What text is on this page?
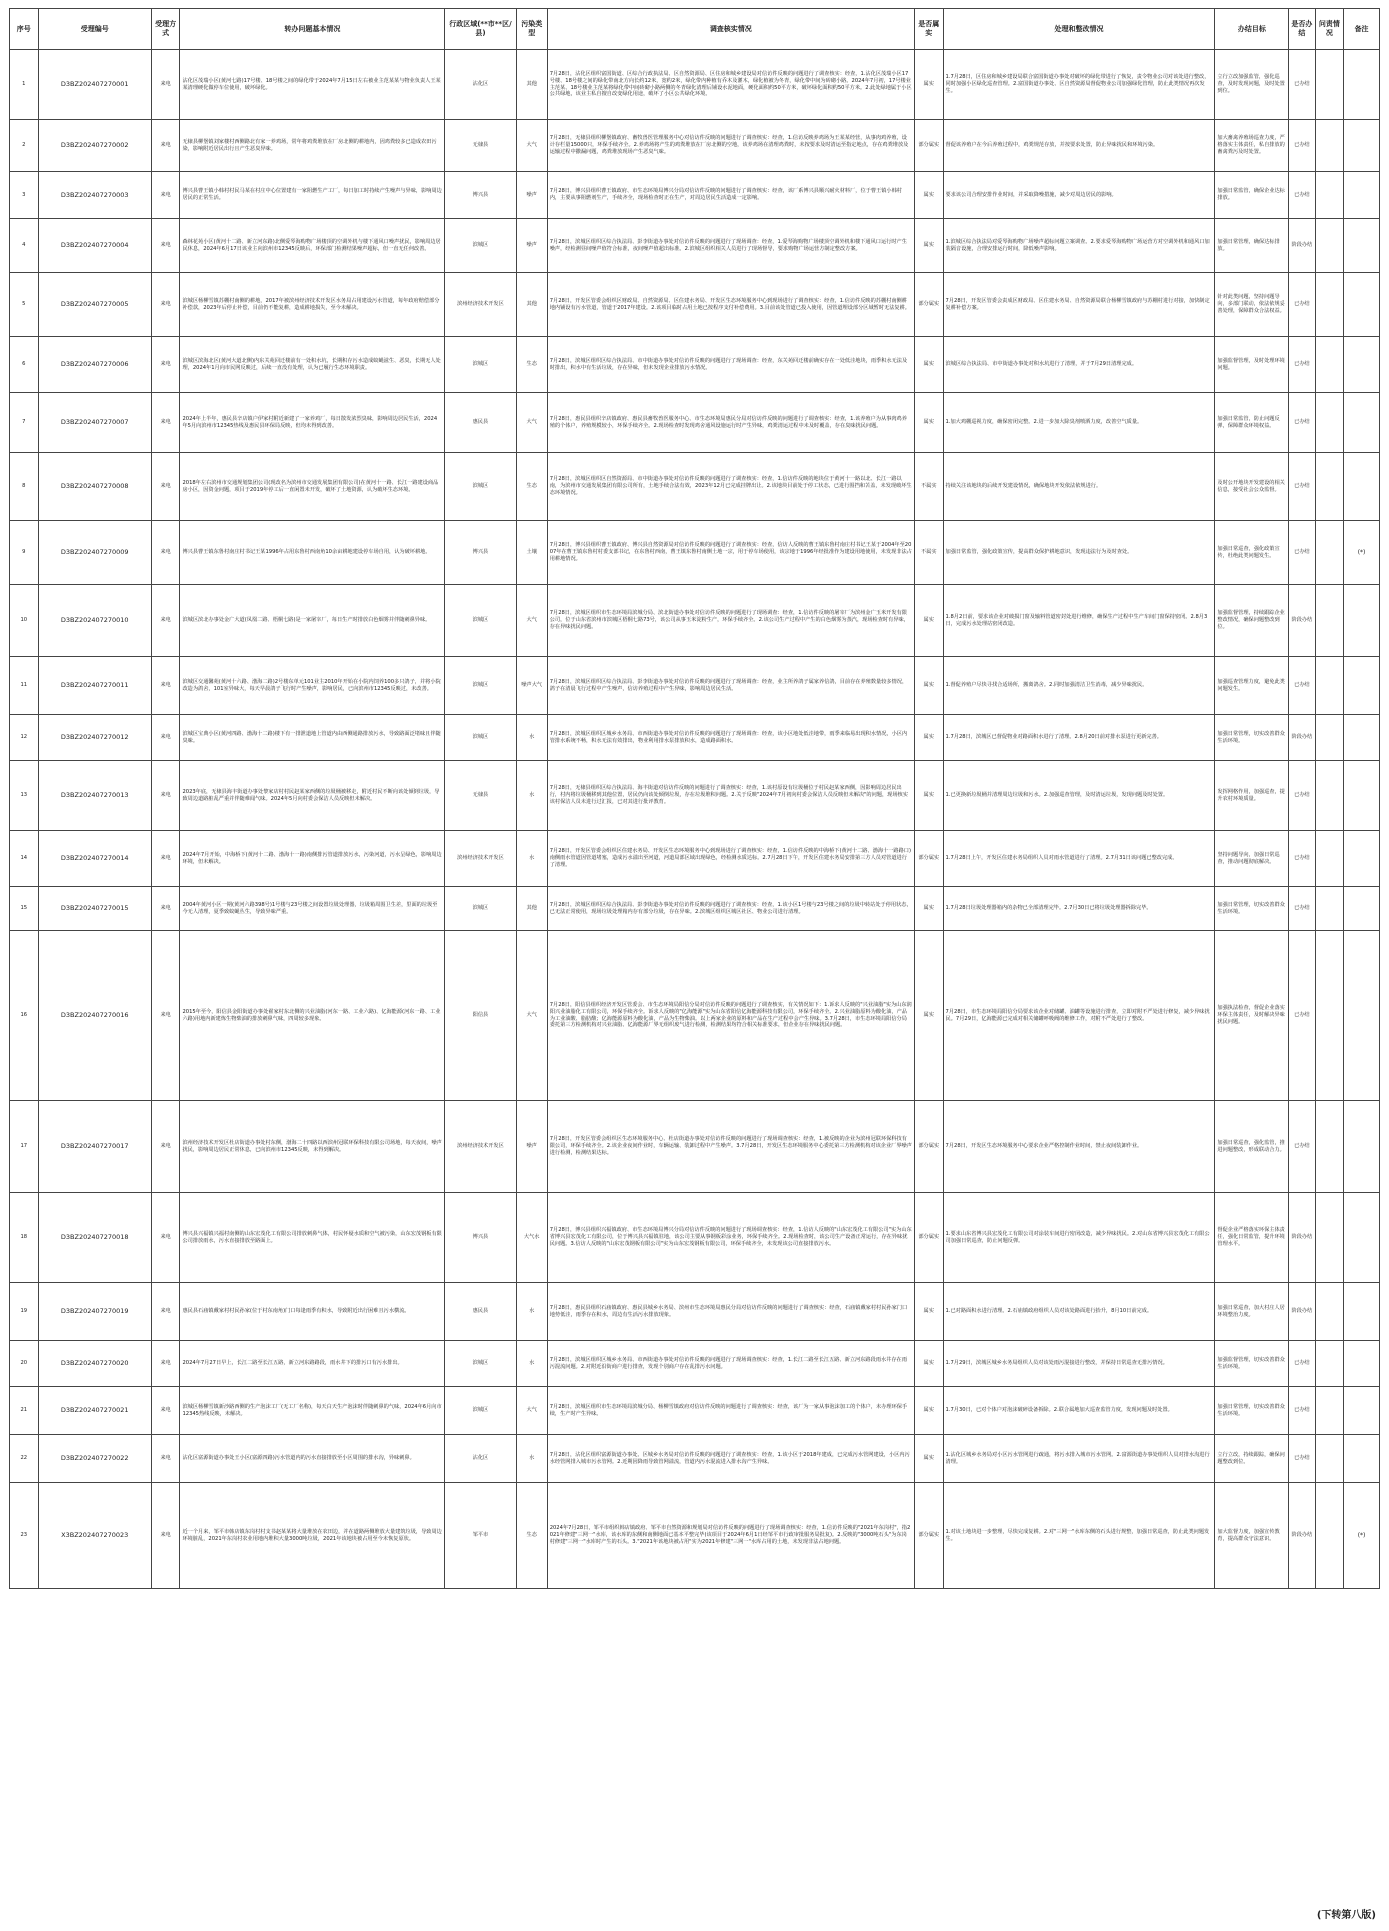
序号	受理编号	受理方式	转办问题基本情况	行政区域(**市**区/县)	污染类型	调查核实情况	是否属实	处理和整改情况	办结目标	是否办结	问责情况	备注
1	D3BZ202407270001	来电	沾化区茂瑞小区(黄河七路)17号楼、18号楼之间的绿化带于2024年7月15日左右被业主范某某与物业负责人王某某清理硬化做停车位使用，破坏绿化。	沾化区	其他	7月28日，沾化区组织富国街道、区综合行政执法局、区自然资源局、区住房和城乡建设局对信访件反映的问题进行了调查核实：经查，1.沾化区茂瑞小区17号楼、18号楼之间的绿化带南北方向长约12米，宽约2米，绿化带内种植有乔木及灌木，绿化植被为冬青，绿化带中间为砖砌小路。2024年7月初，17号楼业主范某、18号楼业主范某将绿化带中间砖砌小路两侧的冬青绿化清理后铺设水泥地面，硬化面积约50平方米，破坏绿化面积约50平方米。2.此处绿地属于小区公共绿地，该业主私自擅自改变绿化用途，破坏了小区公共绿化环境。	属实	1.7月28日，区住房和城乡建设局联合富国街道办事处对破坏的绿化带进行了恢复，责令物业公司对该处进行整改，同时加强小区绿化巡查管理。2.富国街道办事处、区自然资源局督促物业公司加强绿化管理，防止此类情况再次发生。	立行立改加强监管，强化巡查，及时发现问题，及时处置到位。	已办结		
2	D3BZ202407270002	来电	无棣县柳堡镇刘家楼村西侧路北有家一养鸡场，常年将鸡粪堆放在厂房北侧的耕地内，因鸡粪较多已造成农田污染，影响附近居民出行且产生恶臭异味。	无棣县	大气	7月28日，无棣县组织柳堡镇政府、畜牧兽医管理服务中心对信访件反映的问题进行了调查核实：经查，1.信访反映养鸡场为王某某经营，从事肉鸡养殖，设计存栏量15000只，环保手续齐全。2.养鸡场将产生的鸡粪堆放在厂房北侧的空地，该养鸡场在清理鸡粪时，未按要求及时清运至指定地点，存在鸡粪堆放及运输过程中撒漏问题，鸡粪堆放现场产生恶臭气味。	部分属实	督促该养殖户在今后养殖过程中，鸡粪规范存放，并按要求处置，防止异味扰民和环境污染。	加大畜禽养殖场巡查力度，严格落实主体责任，私自排放的畜禽粪污及时处置。	已办结		
3	D3BZ202407270003	来电	博兴县曹王镇小韩村村民马某在村庄中心位置建有一家阻燃生产工厂，每日加工时持续产生噪声与异味，影响周边居民的正常生活。	博兴县	噪声	7月28日，博兴县组织曹王镇政府、市生态环境局博兴分局对信访件反映的问题进行了调查核实：经查，该厂系博兴县顺兴耐火材料厂，位于曹王镇小韩村内，主要从事阻燃剂生产，手续齐全，现场检查时正在生产，对周边居民生活造成一定影响。	属实	要求该公司合理安排作业时间，并采取降噪措施，减少对周边居民的影响。	加强日常监管，确保企业达标排放。	已办结		
4	D3BZ202407270004	来电	森林花苑小区(黄河十二路、新立河东路)北侧爱琴海购物广场楼顶的空调外机与楼下通风口噪声扰民，影响周边居民休息，2024年6月17日该业主向滨州市12345反映后，环保部门检测结果噪声超标，但一直无任何改善。	滨城区	噪声	7月28日，滨城区组织区综合执法局、彭李街道办事处对信访件反映的问题进行了现场调查：经查，1.爱琴海购物广场楼顶空调外机和楼下通风口运行时产生噪声，经检测昼间噪声值符合标准，夜间噪声值超出标准。2.滨城区组织相关人员进行了现场督导，要求购物广场运营方制定整改方案。	属实	1.滨城区综合执法局对爱琴海购物广场噪声超标问题立案调查。2.要求爱琴海购物广场运营方对空调外机和通风口加装隔音设施，合理安排运行时间，降低噪声影响。	加强日常管理，确保达标排放。	阶段办结		
5	D3BZ202407270005	来电	滨城区杨柳雪镇苏棚村南侧的耕地，2017年被滨州经济技术开发区水务局占用建设污水管道，每年政府赔偿部分补偿款，2023年后停止补偿，目前仍不能复耕，造成耕地损失，至今未解决。	滨州经济技术开发区	其他	7月28日，开发区管委会组织区财政局、自然资源局、区住建水务局、开发区生态环境服务中心到现场进行了调查核实：经查，1.信访件反映的苏棚村南侧耕地内铺设有污水管道，管道于2017年建设。2.该项目临时占用土地已按程序支付补偿费用。3.目前该处管道已投入使用，因管道埋设部分区域暂时无法复耕。	部分属实	7月28日，开发区管委会责成区财政局、区住建水务局、自然资源局联合杨柳雪镇政府与苏棚村进行对接，加快制定复耕补偿方案。	针对此类问题，坚持问题导向，多部门联动，依法依规妥善处理，保障群众合法权益。	已办结		
6	D3BZ202407270006	来电	滨城区滨海北区(黄河大道北侧)内东关苑回迁楼前有一处积水坑，长期积存污水造成蚊蝇滋生、恶臭，长期无人处理，2024年1月向市民网反映过，后续一直没有处理，认为已履行生态环境职责。	滨城区	生态	7月28日，滨城区组织区综合执法局、市中街道办事处对信访件反映的问题进行了现场调查：经查，东关苑回迁楼前确实存在一处低洼地块，雨季积水无法及时排出，积水中有生活垃圾，存在异味，但未发现企业排放污水情况。	属实	滨城区综合执法局、市中街道办事处对积水坑进行了清理，并于7月29日清理完成。	加强监督管理，及时处理环境问题。	已办结		
7	D3BZ202407270007	来电	2024年上半年，惠民县辛店镇户伊家村附近新建了一家养鸡厂，每日散发浓烈臭味，影响周边居民生活，2024年5月向滨州市12345热线及惠民县环保局反映，但均未得到改善。	惠民县	大气	7月28日，惠民县组织辛店镇政府、惠民县畜牧兽医服务中心、市生态环境局惠民分局对信访件反映的问题进行了调查核实：经查，1.该养殖户为从事肉鸡养殖的个体户，养殖规模较小，环保手续齐全。2.现场检查时发现鸡舍通风设施运行时产生异味，鸡粪清运过程中未及时覆盖，存在臭味扰民问题。	属实	1.加大鸡棚巡视力度，确保密闭完整。2.进一步加大除臭剂喷洒力度，改善空气质量。	加强日常监管，防止问题反弹，保障群众环境权益。	已办结		
8	D3BZ202407270008	来电	2018年左右滨州市交通规划集团公司(现改名为滨州市交通发展集团有限公司)在黄河十一路、长江一路建设商品房小区，因资金问题，项目于2019年停工后一直闲置未开发，破坏了土地资源，认为破坏生态环境。	滨城区	生态	7月28日，滨城区组织区自然资源局、市中街道办事处对信访件反映的问题进行了调查核实：经查，1.信访件反映的地块位于黄河十一路以北、长江一路以南，为滨州市交通发展集团有限公司所有，土地手续合法有效，2023年12月已完成挂牌出让。2.该地块目前处于停工状态，已进行围挡和苫盖，未发现破坏生态环境情况。	不属实	持续关注该地块的后续开发建设情况，确保地块开发依法依规进行。	及时公开地块开发建设的相关信息，接受社会公众监督。	已办结		
9	D3BZ202407270009	来电	博兴县曹王镇东鲁村南庄村书记王某1996年占用东鲁村西南角10余亩耕地建设停车场自用，认为破坏耕地。	博兴县	土壤	7月28日，博兴县组织曹王镇政府、博兴县自然资源局对信访件反映的问题进行了调查核实：经查，信访人反映的曹王镇东鲁村南庄村书记王某于2004年至2007年在曹王镇东鲁村村委支部书记，在东鲁村西南，曹王镇东鲁村南侧土地一宗，用于停车场使用，该宗地于1996年经批准作为建设用地使用，未发现非法占用耕地情况。	不属实	加强日常监管，强化政策宣传，提高群众保护耕地意识，发现违法行为及时查处。	加强日常巡查，强化政策宣传，杜绝此类问题发生。	已办结		(*)
10	D3BZ202407270010	来电	滨城区滨北办事处金广大道(凤凰二路、梧桐七路)是一家屠宰厂，每日生产时排放白色烟雾并伴随刺鼻异味。	滨城区	大气	7月28日，滨城区组织市生态环境局滨城分局、滨北街道办事处对信访件反映的问题进行了现场调查：经查，1.信访件反映的屠宰厂为滨州金广玉米开发有限公司，位于山东省滨州市滨城区梧桐七路73号，该公司从事玉米淀粉生产，环保手续齐全。2.该公司生产过程中产生的白色烟雾为蒸汽，现场检查时有异味，存在异味扰民问题。	属实	1.8月2日前，要求该企业对破损门窗及输料管道密封处进行维修，确保生产过程中生产车间门窗保持密闭。2.8月3日，完成污水处理站密闭改造。	加强监督管理，持续跟踪企业整改情况，确保问题整改到位。	阶段办结		
11	D3BZ202407270011	来电	滨城区交通馨苑(黄河十六路、渤海二路)2号楼东单元101业主2010年开始在小院内饲养100多只鸽子，并将小院改造为鸽舍，101室异味大，每天早晨鸽子飞行时产生噪声，影响居民，已向滨州市12345反映过，未改善。	滨城区	噪声大气	7月28日，滨城区组织区综合执法局、彭李街道办事处对信访件反映的问题进行了现场调查：经查，业主所养鸽子属家养信鸽，目前存在养殖数量较多情况，鸽子在清晨飞行过程中产生噪声，信访养殖过程中产生异味，影响周边居民生活。	属实	1.督促养殖户尽快寻找合适场所，搬离鸽舍。2.同时加强清洁卫生消毒，减少异味扰民。	加强巡查管理力度，避免此类问题发生。	已办结		
12	D3BZ202407270012	来电	滨城区宝典小区(黄河四路、渤海十二路)楼下有一排泄道地上管道内由西侧通路排放污水，导致路面泛堵味且伴随臭味。	滨城区	水	7月28日，滨城区组织区城乡水务局、市西街道办事处对信访件反映的问题进行了现场调查：经查，该小区地处低洼地带，雨季来临易出现积水情况，小区内管排水系统不畅，积水无法有效排出，物业利用排水泵排放积水，造成路面积水。	属实	1.7月28日，滨城区已督促物业对路面积水进行了清理。2.8月20日前对排水泵进行更新完善。	加强日常管理，切实改善群众生活环境。	阶段办结		
13	D3BZ202407270013	来电	2023年底，无棣县海丰街道办事处黎家店村村民赵某家西侧的垃圾桶被移走，附近村民不断向该处倾倒垃圾，导致周边道路脏乱严重并伴随难闻气味。2024年5月向村委会保洁人员反映但未解决。	无棣县	水	7月28日，无棣县组织区综合执法局、海丰街道对信访件反映的问题进行了调查核实：经查，1.该村原设有垃圾桶位于村民赵某家西侧，因影响周边居民出行，村内将垃圾桶移到其他位置，居民仍向该处倾倒垃圾，存在垃圾堆积问题。2.关于反映"2024年7月初向村委会保洁人员反映但未解决"的问题，现场核实该村保洁人员未进行过汇报，已对其进行批评教育。	属实	1.已更换新垃圾桶并清理周边垃圾和污水。2.加强巡查管理，及时清运垃圾，发现问题及时处置。	发挥网格作用，加强巡查，提升农村环境质量。	已办结		
14	D3BZ202407270014	来电	2024年7月开始，中海桥下(黄河十二路、渤海十一路)南侧排污管道排放污水，污染河道，污水呈绿色，影响周边环境，但未解决。	滨州经济技术开发区	水	7月28日，开发区管委会组织区住建水务局、开发区生态环境服务中心到现场进行了调查核实：经查，1.信访件反映的中海桥下(黄河十二路、渤海十一路路口)南侧雨水管道因管道堵塞，造成污水溢出至河道，河道局部区域出现绿色，经检测水质达标。2.7月28日下午，开发区住建水务局安排第三方人员对管道进行了清理。	部分属实	1.7月28日上午，开发区住建水务局组织人员对雨水管道进行了清理。2.7月31日该问题已整改完成。	坚持问题导向，加强日常巡查，推动问题彻底解决。	已办结		
15	D3BZ202407270015	来电	2004年黄河小区一期(黄河六路398号)1号楼与23号楼之间设置垃圾处理器，垃圾箱周围卫生差，里面的垃圾至今无人清理，夏季致蚊蝇丛生，导致异味严重。	滨城区	其他	7月28日，滨城区组织区综合执法局、彭李街道办事处对信访件反映的问题进行了调查核实：经查，1.该小区1号楼与23号楼之间的垃圾中转站处于停用状态，已无法正常使用，现场垃圾处理箱内存有部分垃圾，存在异味。2.滨城区组织区城区社区、物业公司进行清理。	属实	1.7月28日垃圾处理器箱内的杂物已全部清理完毕。2.7月30日已将垃圾处理器拆除完毕。	加强日常管理，切实改善群众生活环境。	已办结		
16	D3BZ202407270016	来电	2015年至今，阳信县金阳街道办事处翟家村东北侧的兴业油脂(河东一路、工业六路)、亿海能源(河东一路、工业六路)用地内新建炼生物柴油的排放刺鼻气味，四周较多现象。	阳信县	大气	7月28日，阳信县组织经济开发区管委会、市生态环境局阳信分局对信访件反映的问题进行了调查核实，有关情况如下：1.诉求人反映的"兴业油脂"实为山东润阳兴业油脂化工有限公司，环保手续齐全。诉求人反映的"亿海能源"实为山东省阳信亿海能源科技有限公司，环保手续齐全。2.兴业油脂原料为酸化油，产品为工业油酸、脂肪酸；亿海能源原料为酸化油，产品为生物柴油。以上两家企业的原料和产品在生产过程中会产生异味。3.7月28日，市生态环境局阳信分局委托第三方检测机构对兴业油脂、亿海能源厂界无组织废气进行检测，检测结果均符合相关标准要求，但企业存在异味扰民问题。	属实	7月28日，市生态环境局阳信分局要求该企业对储罐、油罐等设施进行排查，立即对附不严处进行修复，减少异味扰民。7月29日，亿海能源已完成对相关储罐呼吸阀的维修工作，对附不严处进行了整改。	加强执法检查，督促企业落实环保主体责任，及时解决异味扰民问题。	已办结		
17	D3BZ202407270017	来电	滨州经济技术开发区杜店街道办事处村东侧，渤海二十四路以西滨州冠联环保科技有限公司场地，每天夜间，噪声扰民，影响周边居民正常休息，已向滨州市12345反映，未得到解决。	滨州经济技术开发区	噪声	7月28日，开发区管委会组织区生态环境服务中心、杜店街道办事处对信访件反映的问题进行了现场调查核实：经查，1.被反映的企业为滨州冠联环保科技有限公司，环保手续齐全。2.该企业夜间作业时，车辆运输、装卸过程中产生噪声。3.7月28日，开发区生态环境服务中心委托第三方检测机构对该企业厂界噪声进行检测，检测结果达标。	部分属实	7月28日，开发区生态环境服务中心要求企业严格控制作业时间，禁止夜间装卸作业。	加强日常巡查，强化监管，推进问题整改，形成联动合力。	已办结		
18	D3BZ202407270018	来电	博兴县兴福镇兴福村南侧的山东宏茂化工有限公司排放刺鼻气体，村民怀疑水质和空气被污染，山东宏茂钢板有限公司排放雨水，污水直接排放至路面上。	博兴县	大气水	7月28日，博兴县组织兴福镇政府、市生态环境局博兴分局对信访件反映的问题进行了现场调查核实：经查，1.信访人反映的"山东宏茂化工有限公司"实为山东省博兴县宏茂化工有限公司，位于博兴县兴福镇驻地，该公司主要从事钢板彩涂业务，环保手续齐全。2.现场检查时，该公司生产设备正常运行，存在异味扰民问题。3.信访人反映的"山东宏茂钢板有限公司"实为山东宏茂钢板有限公司，环保手续齐全，未发现该公司直接排放污水。	部分属实	1.要求山东省博兴县宏茂化工有限公司对涂装车间进行密闭改造，减少异味扰民。2.对山东省博兴县宏茂化工有限公司加强日常巡查，防止问题反弹。	督促企业严格落实环保主体责任，强化日常监管，提升环境管理水平。	阶段办结		
19	D3BZ202407270019	来电	惠民县石庙镇戴家村村民孙家(位于村东南角)门口每逢雨季有积水，导致附近出行困难且污水横流。	惠民县	水	7月28日，惠民县组织石庙镇政府、惠民县城乡水务局、滨州市生态环境局惠民分局对信访件反映的问题进行了调查核实：经查，石庙镇戴家村村民孙家门口地势低洼，雨季存在积水，周边有生活污水排放现象。	属实	1.已对路面积水进行清理。2.石庙镇政府组织人员对该处路面进行抬升，8月10日前完成。	加强日常巡查，加大村庄人居环境整治力度。	阶段办结		
20	D3BZ202407270020	来电	2024年7月27日早上，长江二路至长江五路，新立河东路路段，雨水井下的排污口有污水排出。	滨城区	水	7月28日，滨城区组织区城乡水务局、市西街道办事处对信访件反映的问题进行了现场调查核实：经查，1.长江二路至长江五路、新立河东路段雨水井存在雨污混流问题。2.对附近沿街商户进行排查，发现个别商户存在乱排污水问题。	属实	1.7月29日，滨城区城乡水务局组织人员对该处雨污混接进行整改，并保持日常巡查无排污情况。	加强监督管理，切实改善群众生活环境。	已办结		
21	D3BZ202407270021	来电	滨城区杨柳雪镇新沙路西侧的生产泡沫工厂(无工厂名称)，每天白天生产泡沫时伴随刺鼻的气味，2024年6月向市12345热线反映，未解决。	滨城区	大气	7月28日，滨城区组织市生态环境局滨城分局、杨柳雪镇政府对信访件反映的问题进行了调查核实：经查，该厂为一家从事泡沫加工的个体户，未办理环保手续，生产时产生异味。	属实	1.7月30日，已对个体户对泡沫破碎设备拆除。2.联合属地加大巡查监管力度，发现问题及时处置。	加强日常管理，切实改善群众生活环境。	已办结		
22	D3BZ202407270022	来电	沾化区富源街道办事处王小区(富源四路)污水管道内的污水直接排放至小区周围的排水沟，异味刺鼻。	沾化区	水	7月28日，沾化区组织富源街道办事处、区城乡水务局对信访件反映的问题进行了调查核实：经查，1.该小区于2018年建成，已完成污水管网建设，小区内污水经管网排入城市污水管网。2.近期因降雨导致管网溢流，管道内污水混流进入排水沟产生异味。	属实	1.沾化区城乡水务局对小区污水管网进行疏通，将污水排入城市污水管网。2.富源街道办事处组织人员对排水沟进行清理。	立行立改，持续跟踪，确保问题整改到位。	已办结		
23	X3BZ202407270023	来电	近一个月来，邹平市韩店镇东岗村村支书赵某某将大量堆放在农田边，并在道路两侧堆放大量建筑垃圾，导致周边环境脏乱，2021年东岗村农业用地内堆积大量3000吨垃圾，2021年该地块被占用至今未恢复原状。	邹平市	生态	2024年7月28日，邹平市组织韩店镇政府、邹平市自然资源和规划局对信访件反映的问题进行了现场调查核实：经查，1.信访件反映的"2021年东岗村"，指2021年修建"三网一"水库，该水库的东侧和南侧地面已基本平整完毕(该项目于2024年6月1日经邹平市行政审批服务局批复)。2.反映的"3000吨石头"为东岗村修建"三网一"水库时产生的石头。3."2021年该地块被占用"实为2021年修建"三网一"水库占用的土地，未发现非法占地问题。	部分属实	1.对该土地块进一步整理，尽快完成复耕。2.对"三网一"水库东侧的石头进行规整，加强日常巡查，防止此类问题发生。	加大监督力度，加强宣传教育，提高群众守法意识。	阶段办结		(*)
(下转第八版)
